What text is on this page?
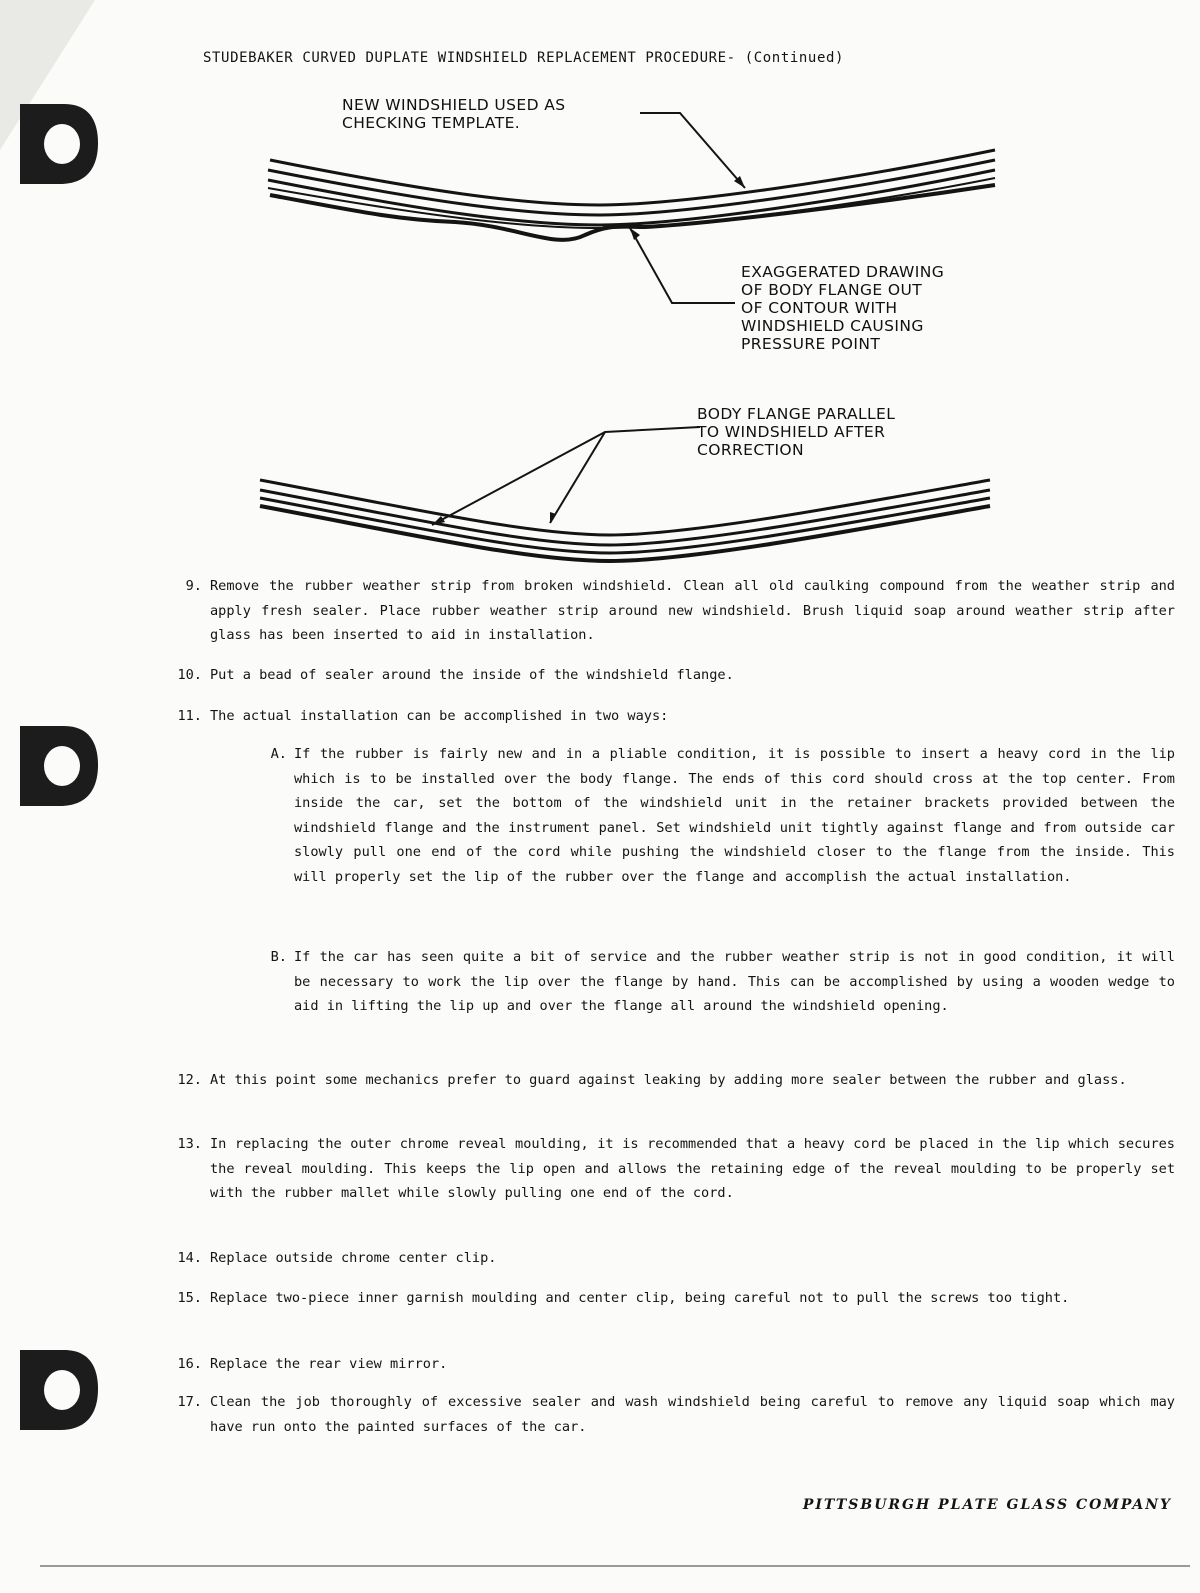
STUDEBAKER CURVED DUPLATE WINDSHIELD REPLACEMENT PROCEDURE- (Continued)

NEW WINDSHIELD USED AS
CHECKING TEMPLATE.

EXAGGERATED DRAWING
OF BODY FLANGE OUT
OF CONTOUR WITH
WINDSHIELD CAUSING
PRESSURE POINT

BODY FLANGE PARALLEL
TO WINDSHIELD AFTER
CORRECTION

9. Remove the rubber weather strip from broken windshield. Clean all old caulking compound from the weather strip and apply fresh sealer. Place rubber weather strip around new windshield. Brush liquid soap around weather strip after glass has been inserted to aid in installation.
10. Put a bead of sealer around the inside of the windshield flange.
11. The actual installation can be accomplished in two ways:
A. If the rubber is fairly new and in a pliable condition, it is possible to insert a heavy cord in the lip which is to be installed over the body flange. The ends of this cord should cross at the top center. From inside the car, set the bottom of the windshield unit in the retainer brackets provided between the windshield flange and the instrument panel. Set windshield unit tightly against flange and from outside car slowly pull one end of the cord while pushing the windshield closer to the flange from the inside. This will properly set the lip of the rubber over the flange and accomplish the actual installation.
B. If the car has seen quite a bit of service and the rubber weather strip is not in good condition, it will be necessary to work the lip over the flange by hand. This can be accomplished by using a wooden wedge to aid in lifting the lip up and over the flange all around the windshield opening.
12. At this point some mechanics prefer to guard against leaking by adding more sealer between the rubber and glass.
13. In replacing the outer chrome reveal moulding, it is recommended that a heavy cord be placed in the lip which secures the reveal moulding. This keeps the lip open and allows the retaining edge of the reveal moulding to be properly set with the rubber mallet while slowly pulling one end of the cord.
14. Replace outside chrome center clip.
15. Replace two-piece inner garnish moulding and center clip, being careful not to pull the screws too tight.
16. Replace the rear view mirror.
17. Clean the job thoroughly of excessive sealer and wash windshield being careful to remove any liquid soap which may have run onto the painted surfaces of the car.

PITTSBURGH PLATE GLASS COMPANY
